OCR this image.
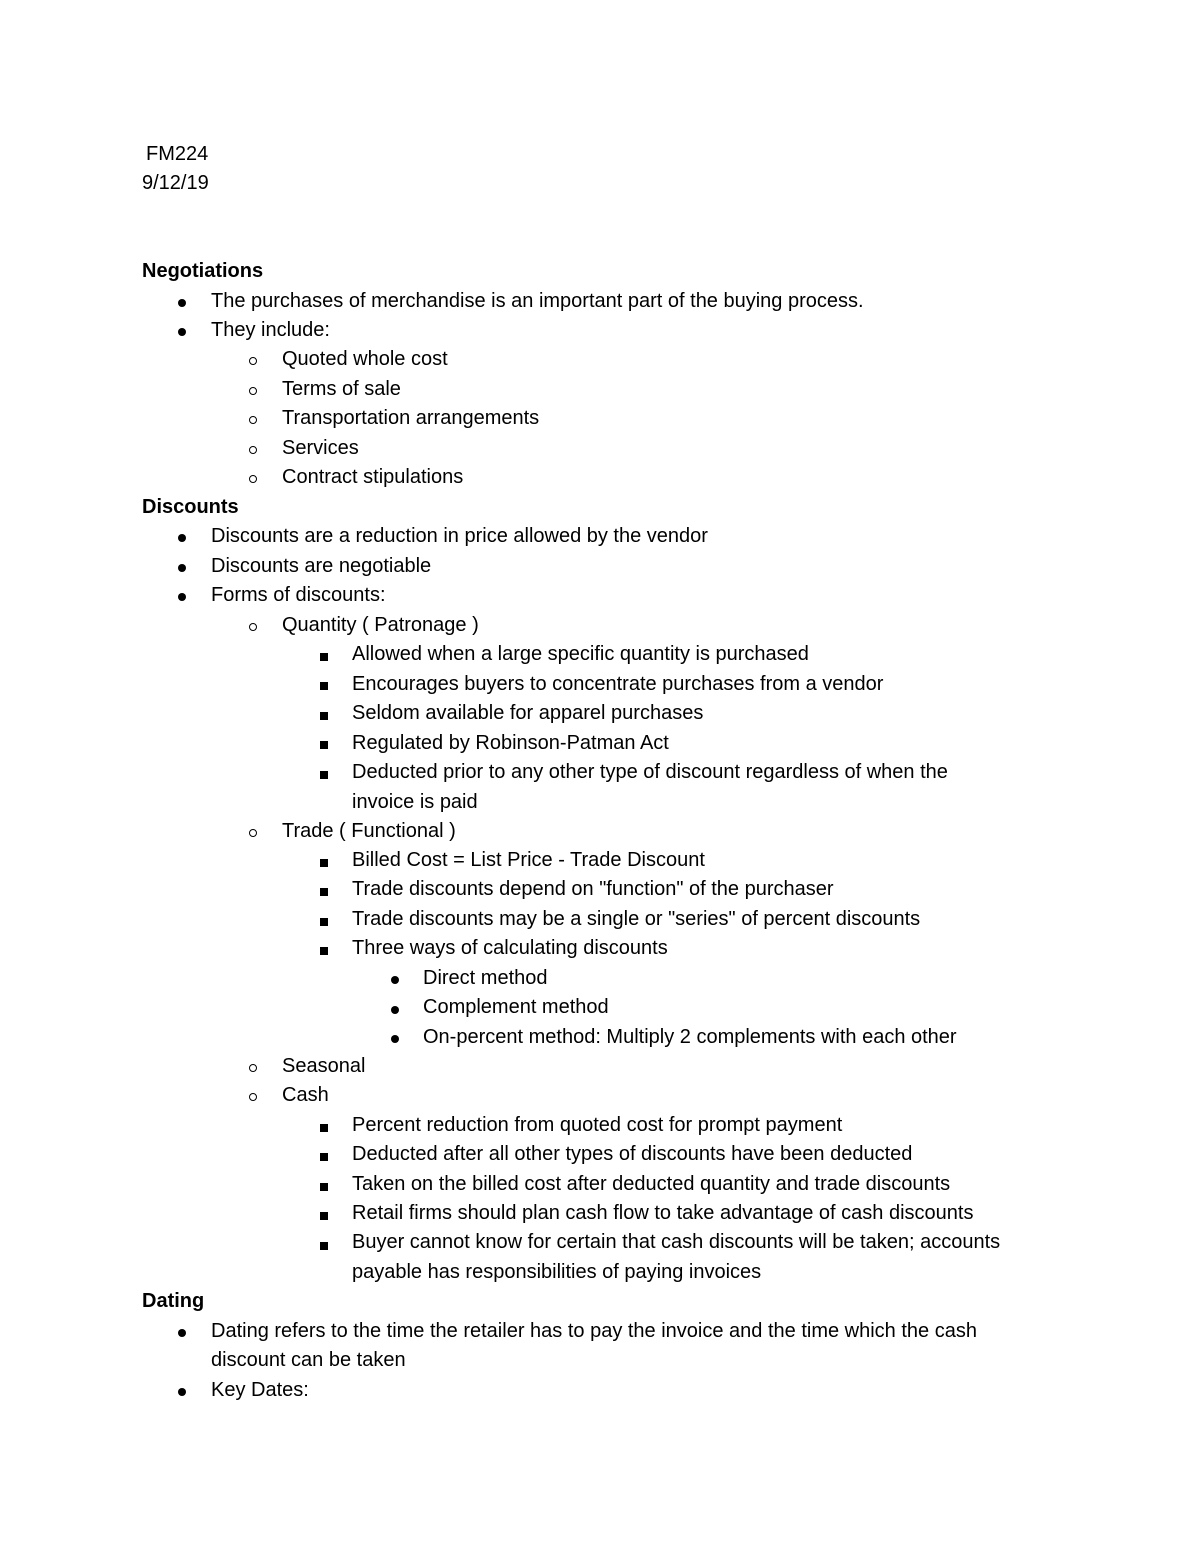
FM224
9/12/19
Negotiations
The purchases of merchandise is an important part of the buying process.
They include:
Quoted whole cost
Terms of sale
Transportation arrangements
Services
Contract stipulations
Discounts
Discounts are a reduction in price allowed by the vendor
Discounts are negotiable
Forms of discounts:
Quantity ( Patronage )
Allowed when a large specific quantity is purchased
Encourages buyers to concentrate purchases from a vendor
Seldom available for apparel purchases
Regulated by Robinson-Patman Act
Deducted prior to any other type of discount regardless of when the
invoice is paid
Trade ( Functional )
Billed Cost = List Price - Trade Discount
Trade discounts depend on "function" of the purchaser
Trade discounts may be a single or "series" of percent discounts
Three ways of calculating discounts
Direct method
Complement method
On-percent method: Multiply 2 complements with each other
Seasonal
Cash
Percent reduction from quoted cost for prompt payment
Deducted after all other types of discounts have been deducted
Taken on the billed cost after deducted quantity and trade discounts
Retail firms should plan cash flow to take advantage of cash discounts
Buyer cannot know for certain that cash discounts will be taken; accounts
payable has responsibilities of paying invoices
Dating
Dating refers to the time the retailer has to pay the invoice and the time which the cash
discount can be taken
Key Dates:
